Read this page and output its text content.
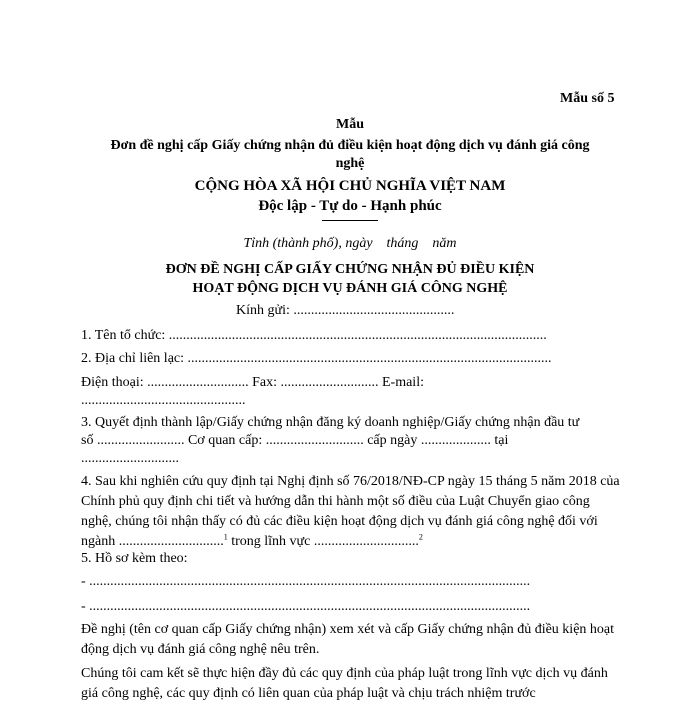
Mẫu số 5
Mẫu
Đơn đề nghị cấp Giấy chứng nhận đủ điều kiện hoạt động dịch vụ đánh giá công
nghệ
CỘNG HÒA XÃ HỘI CHỦ NGHĨA VIỆT NAM
Độc lập - Tự do - Hạnh phúc
Tỉnh (thành phố), ngày    tháng    năm
ĐƠN ĐỀ NGHỊ CẤP GIẤY CHỨNG NHẬN ĐỦ ĐIỀU KIỆN
HOẠT ĐỘNG DỊCH VỤ ĐÁNH GIÁ CÔNG NGHỆ
Kính gửi: ..............................................
1. Tên tổ chức: ............................................................................................................
2. Địa chỉ liên lạc: ........................................................................................................
Điện thoại: ............................. Fax: ............................ E-mail:
...............................................
3. Quyết định thành lập/Giấy chứng nhận đăng ký doanh nghiệp/Giấy chứng nhận đầu tư
số ......................... Cơ quan cấp: ............................ cấp ngày .................... tại
............................
4. Sau khi nghiên cứu quy định tại Nghị định số 76/2018/NĐ-CP ngày 15 tháng 5 năm 2018 của Chính phủ quy định chi tiết và hướng dẫn thi hành một số điều của Luật Chuyển giao công nghệ, chúng tôi nhận thấy có đủ các điều kiện hoạt động dịch vụ đánh giá công nghệ đối với ngành ..............................$^1$ trong lĩnh vực ..............................$^2$
5. Hồ sơ kèm theo:
- ..............................................................................................................................
- ..............................................................................................................................
Đề nghị (tên cơ quan cấp Giấy chứng nhận) xem xét và cấp Giấy chứng nhận đủ điều kiện hoạt động dịch vụ đánh giá công nghệ nêu trên.
Chúng tôi cam kết sẽ thực hiện đầy đủ các quy định của pháp luật trong lĩnh vực dịch vụ đánh giá công nghệ, các quy định có liên quan của pháp luật và chịu trách nhiệm trước
